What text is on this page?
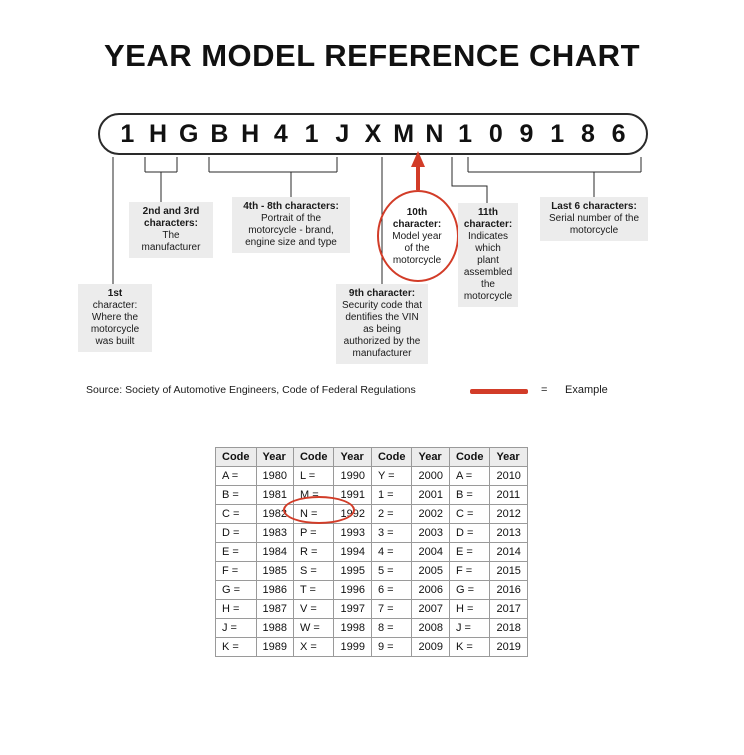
YEAR MODEL REFERENCE CHART
1 H G B H 4 1 J X M N 1 0 9 1 8 6
1st
character: Where the motorcycle was built
2nd and 3rd characters:
The manufacturer
4th - 8th characters:
Portrait of the motorcycle - brand, engine size and type
9th character: Security code that dentifies the VIN as being authorized by the manufacturer
10th character:
Model year of the motorcycle
11th character:
Indicates which plant assembled the motorcycle
Last 6 characters:
Serial number of the motorcycle
Source: Society of Automotive Engineers, Code of Federal Regulations	= Example
Code	Year	Code	Year	Code	Year	Code	Year
A =	1980	L =	1990	Y =	2000	A =	2010
B =	1981	M =	1991	1 =	2001	B =	2011
C =	1982	N =	1992	2 =	2002	C =	2012
D =	1983	P =	1993	3 =	2003	D =	2013
E =	1984	R =	1994	4 =	2004	E =	2014
F =	1985	S =	1995	5 =	2005	F =	2015
G =	1986	T =	1996	6 =	2006	G =	2016
H =	1987	V =	1997	7 =	2007	H =	2017
J =	1988	W =	1998	8 =	2008	J =	2018
K =	1989	X =	1999	9 =	2009	K =	2019
